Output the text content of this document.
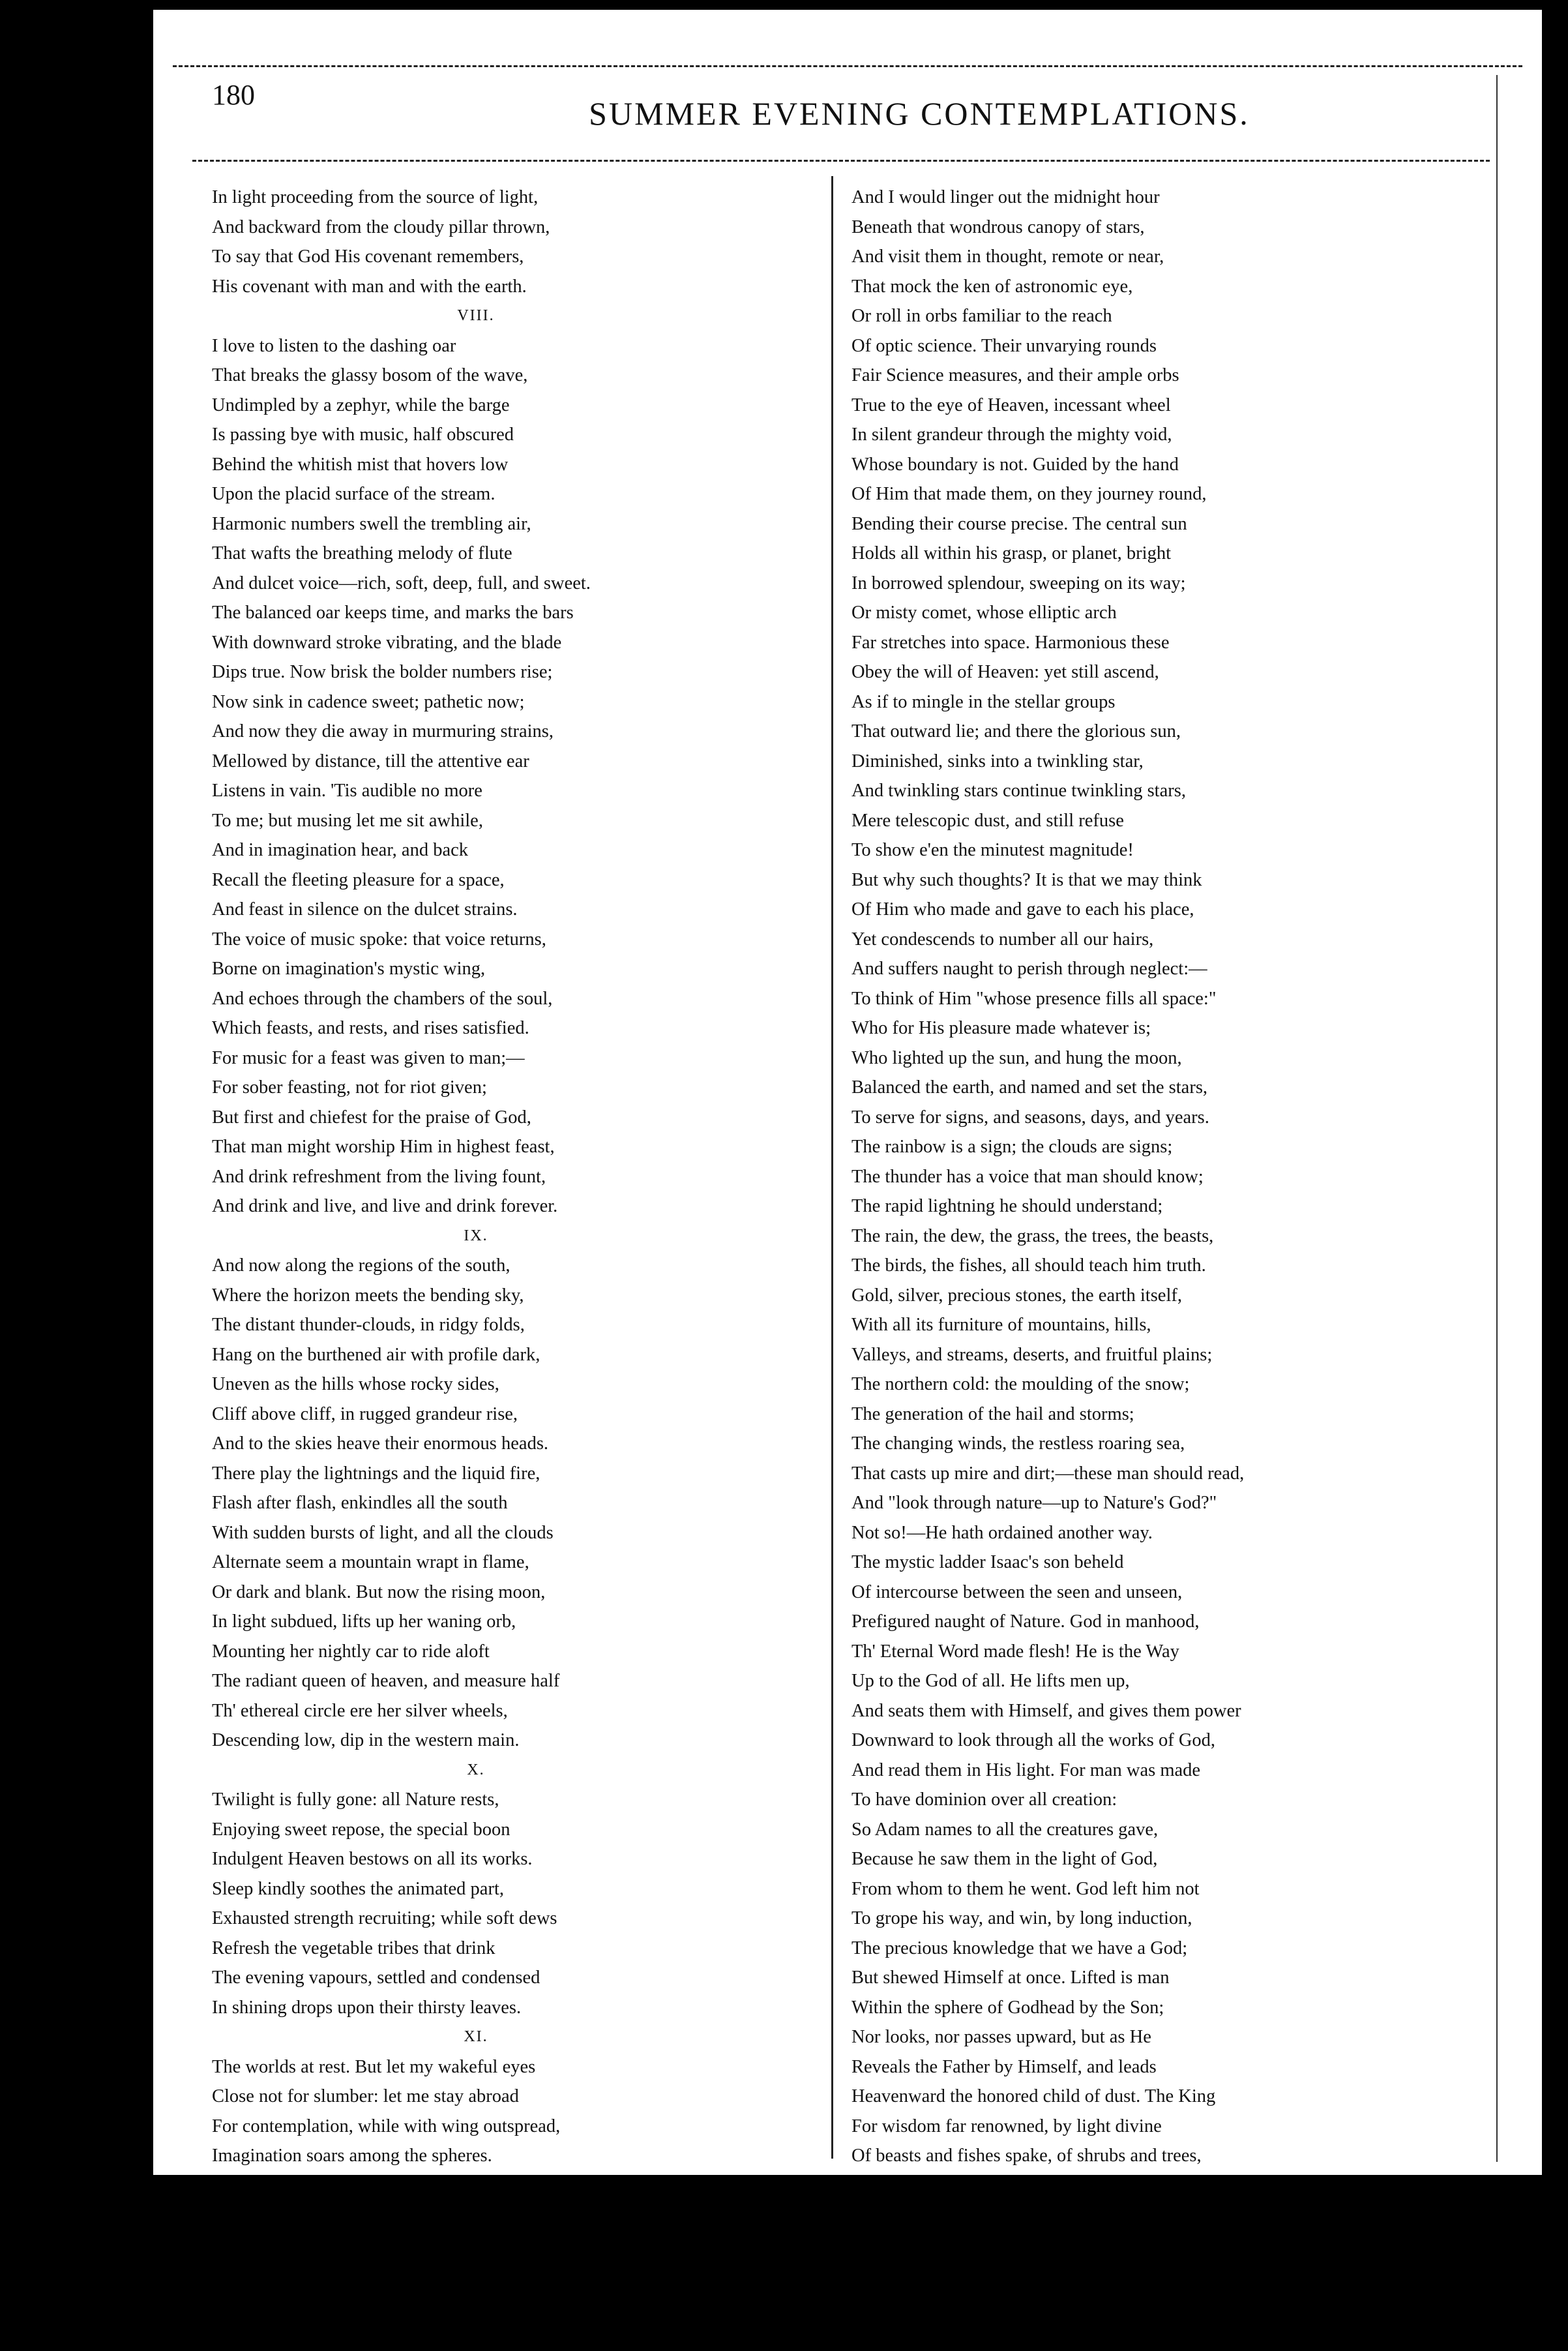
180
SUMMER EVENING CONTEMPLATIONS.
In light proceeding from the source of light,
And backward from the cloudy pillar thrown,
To say that God His covenant remembers,
His covenant with man and with the earth.
VIII.
I love to listen to the dashing oar
That breaks the glassy bosom of the wave,
Undimpled by a zephyr, while the barge
Is passing bye with music, half obscured
Behind the whitish mist that hovers low
Upon the placid surface of the stream.
Harmonic numbers swell the trembling air,
That wafts the breathing melody of flute
And dulcet voice—rich, soft, deep, full, and sweet.
The balanced oar keeps time, and marks the bars
With downward stroke vibrating, and the blade
Dips true. Now brisk the bolder numbers rise;
Now sink in cadence sweet; pathetic now;
And now they die away in murmuring strains,
Mellowed by distance, till the attentive ear
Listens in vain. 'Tis audible no more
To me; but musing let me sit awhile,
And in imagination hear, and back
Recall the fleeting pleasure for a space,
And feast in silence on the dulcet strains.
The voice of music spoke: that voice returns,
Borne on imagination's mystic wing,
And echoes through the chambers of the soul,
Which feasts, and rests, and rises satisfied.
For music for a feast was given to man;—
For sober feasting, not for riot given;
But first and chiefest for the praise of God,
That man might worship Him in highest feast,
And drink refreshment from the living fount,
And drink and live, and live and drink forever.
IX.
And now along the regions of the south,
Where the horizon meets the bending sky,
The distant thunder-clouds, in ridgy folds,
Hang on the burthened air with profile dark,
Uneven as the hills whose rocky sides,
Cliff above cliff, in rugged grandeur rise,
And to the skies heave their enormous heads.
There play the lightnings and the liquid fire,
Flash after flash, enkindles all the south
With sudden bursts of light, and all the clouds
Alternate seem a mountain wrapt in flame,
Or dark and blank. But now the rising moon,
In light subdued, lifts up her waning orb,
Mounting her nightly car to ride aloft
The radiant queen of heaven, and measure half
Th' ethereal circle ere her silver wheels,
Descending low, dip in the western main.
X.
Twilight is fully gone: all Nature rests,
Enjoying sweet repose, the special boon
Indulgent Heaven bestows on all its works.
Sleep kindly soothes the animated part,
Exhausted strength recruiting; while soft dews
Refresh the vegetable tribes that drink
The evening vapours, settled and condensed
In shining drops upon their thirsty leaves.
XI.
The worlds at rest. But let my wakeful eyes
Close not for slumber: let me stay abroad
For contemplation, while with wing outspread,
Imagination soars among the spheres.
And I would linger out the midnight hour
Beneath that wondrous canopy of stars,
And visit them in thought, remote or near,
That mock the ken of astronomic eye,
Or roll in orbs familiar to the reach
Of optic science. Their unvarying rounds
Fair Science measures, and their ample orbs
True to the eye of Heaven, incessant wheel
In silent grandeur through the mighty void,
Whose boundary is not. Guided by the hand
Of Him that made them, on they journey round,
Bending their course precise. The central sun
Holds all within his grasp, or planet, bright
In borrowed splendour, sweeping on its way;
Or misty comet, whose elliptic arch
Far stretches into space. Harmonious these
Obey the will of Heaven: yet still ascend,
As if to mingle in the stellar groups
That outward lie; and there the glorious sun,
Diminished, sinks into a twinkling star,
And twinkling stars continue twinkling stars,
Mere telescopic dust, and still refuse
To show e'en the minutest magnitude!
But why such thoughts? It is that we may think
Of Him who made and gave to each his place,
Yet condescends to number all our hairs,
And suffers naught to perish through neglect:—
To think of Him "whose presence fills all space:"
Who for His pleasure made whatever is;
Who lighted up the sun, and hung the moon,
Balanced the earth, and named and set the stars,
To serve for signs, and seasons, days, and years.
The rainbow is a sign; the clouds are signs;
The thunder has a voice that man should know;
The rapid lightning he should understand;
The rain, the dew, the grass, the trees, the beasts,
The birds, the fishes, all should teach him truth.
Gold, silver, precious stones, the earth itself,
With all its furniture of mountains, hills,
Valleys, and streams, deserts, and fruitful plains;
The northern cold: the moulding of the snow;
The generation of the hail and storms;
The changing winds, the restless roaring sea,
That casts up mire and dirt;—these man should read,
And "look through nature—up to Nature's God?"
Not so!—He hath ordained another way.
The mystic ladder Isaac's son beheld
Of intercourse between the seen and unseen,
Prefigured naught of Nature. God in manhood,
Th' Eternal Word made flesh! He is the Way
Up to the God of all. He lifts men up,
And seats them with Himself, and gives them power
Downward to look through all the works of God,
And read them in His light. For man was made
To have dominion over all creation:
So Adam names to all the creatures gave,
Because he saw them in the light of God,
From whom to them he went. God left him not
To grope his way, and win, by long induction,
The precious knowledge that we have a God;
But shewed Himself at once. Lifted is man
Within the sphere of Godhead by the Son;
Nor looks, nor passes upward, but as He
Reveals the Father by Himself, and leads
Heavenward the honored child of dust. The King
For wisdom far renowned, by light divine
Of beasts and fishes spake, of shrubs and trees,
